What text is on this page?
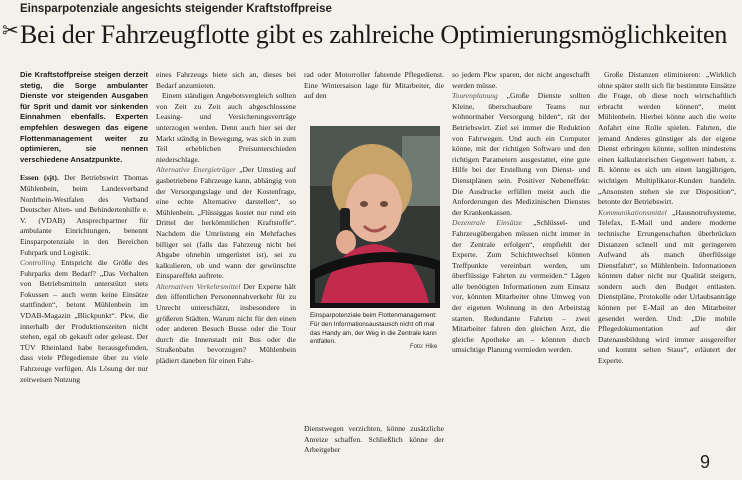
✂
Einsparpotenziale angesichts steigender Kraftstoffpreise
Bei der Fahrzeugflotte gibt es zahlreiche Optimierungsmöglichkeiten

Die Kraftstoffpreise steigen derzeit stetig, die Sorge ambulanter Dienste vor steigenden Ausgaben für Sprit und damit vor sinkenden Einnahmen ebenfalls. Experten empfehlen deswegen das eigene Flottenmanagement weiter zu optimieren, sie nennen verschiedene Ansatzpunkte.

Essen (sjt). Der Betriebswirt Thomas Mühlenbein, beim Landesverband Nordrhein-Westfalen des Verband Deutscher Alten- und Behindertenhilfe e. V. (VDAB) Ansprechpartner für ambulante Einrichtungen, benennt Einsparpotenziale in den Bereichen Fuhrpark und Logistik.

Controlling Entspricht die Größe des Fuhrparks dem Bedarf? „Das Verhalten von Betriebsmitteln unterstützt stets Fokussen – auch wenn keine Einsätze stattfinden“, betont Mühlenbein im VDAB-Magazin „Blickpunkt“. Pkw, die innerhalb der Produktionszeiten nicht stehen, egal ob gekauft oder geleast. Der TÜV Rheinland habe herausgefunden, dass viele Pflegedienste über zu viele Fahrzeuge verfügen. Als Lösung der nur zeitweisen Nutzung

eines Fahrzeugs biete sich an, dieses bei Bedarf anzumieten.

Einem ständigen Angebotsvergleich sollten von Zeit zu Zeit auch abgeschlossene Leasing- und Versicherungsverträge unterzogen werden. Denn auch hier sei der Markt ständig in Bewegung, was sich in zum Teil erheblichen Preisunterschieden niederschlage.

Alternative Energieträger „Der Umstieg auf gasbetriebene Fahrzeuge kann, abhängig von der Versorgungslage und der Kostenfrage, eine echte Alternative darstellen“, so Mühlenbein. „Flüssiggas kostet nur rund ein Drittel der herkömmlichen Kraftstoffe“. Nachdem die Umrüstung ein Mehrfaches billiger sei (falls das Fahrzeug nicht bei Abgabe ohnehin umgerüstet ist), sei zu kalkulieren, ob und wann der gewünschte Einspareffekt auftrete.

Alternativen Verkehrsmittel Der Experte hält den öffentlichen Personennahverkehr für zu Unrecht unterschätzt, insbesondere in größeren Städten. Warum nicht für den einen oder anderen Besuch Busse oder die Tour durch die Innenstadt mit Bus oder die Straßenbahn bevorzugen? Mühlenbein plädiert daneben für einen Fahr-

rad oder Motorroller fahrende Pflegedienst. Eine Wintersaison lage für Mitarbeiter, die auf den

Einsparpotenziale beim Flottenmanagement: Für den Informationsaustausch nicht oft mal das Handy am, der Weg in die Zentrale kann entfallen.
Foto: Hike

Dienstwegen verzichten, könne zusätzliche Anreize schaffen. Schließlich könne der Arbeitgeber

so jedem Pkw sparen, der nicht angeschafft werden müsse.

Tourenplanung „Große Dienste sollten Kleine, überschaubare Teams nur wohnortnaher Versorgung bilden“, rät der Betriebswirt. Ziel sei immer die Reduktion von Fahrwegen. Und auch ein Computer könne, mit der richtigen Software und den richtigen Parametern ausgestattet, eine gute Hilfe bei der Erstellung von Dienst- und Dienstplänen sein. Positiver Nebeneffekt: Die Ausdrucke erfüllen meist auch die Anforderungen des Medizinischen Dienstes der Krankenkassen.

Dezentrale Einsätze „Schlüssel- und Fahrzeugübergaben müssen nicht immer in der Zentrale erfolgen“, empfiehlt der Experte. Zum Schichtwechsel können Treffpunkte vereinbart werden, um überflüssige Fahrten zu vermeiden.“ Lägen alle benötigten Informationen zum Einsatz vor, könnten Mitarbeiter ohne Umweg von der eigenen Wohnung in den Arbeitstag starten. Redundante Fahrten – zwei Mitarbeiter fahren den gleichen Arzt, die gleiche Apotheke an – könnten durch umsichtige Planung vermieden werden.

Große Distanzen eliminieren: „Wirklich ohne später stellt sich für bestimmte Einsätze die Frage, ob diese noch wirtschaftlich erbracht werden können“, meint Mühlenbein. Hierbei könne auch die weite Anfahrt eine Rolle spielen. Fahrten, die jemand Anderes günstiger als der eigene Dienst erbringen könnte, sollten mindestens einen kalkulatorischen Gegenwert haben, z. B. könnte es sich um einen langjährigen, wichtigen Multiplikator-Kunden handeln. „Ansonsten stehen sie zur Disposition“, betonte der Betriebswirt.

Kommunikationsmittel „Hausnotrufsysteme, Telefax, E-Mail und andere moderne technische Errungenschaften überbrücken Distanzen schnell und mit geringerem Aufwand als manch überflüssige Dienstfahrt“, so Mühlenbein. Informationen könnten daher nicht nur Qualität steigern, sondern auch den Budget entlasten. Dienstpläne, Protokolle oder Urlaubsanträge können per E-Mail an den Mitarbeiter gesendet werden. Und: „Die mobile Pflegedokumentation auf der Datenausbildung wird immer ausgereifter und kommt selten Staus“, erläutert der Experte.

9
